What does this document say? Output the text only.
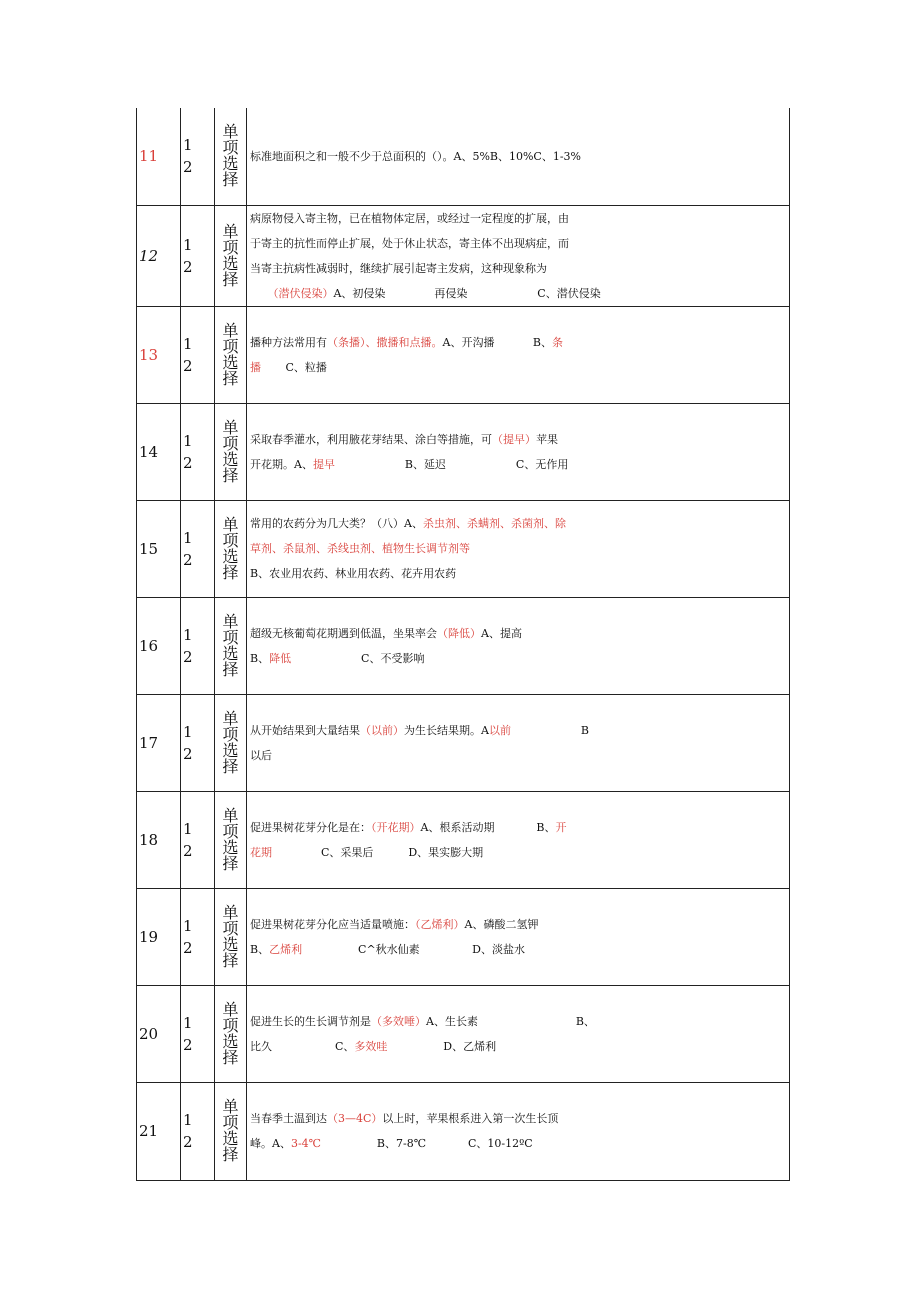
11	1
2	单
项
选
择	标准地面积之和一般不少于总面积的（）。A、5%B、10%C、1-3%

12	1
2	单
项
选
择	病原物侵入寄主物，已在植物体定居，或经过一定程度的扩展，由
于寄主的抗性而停止扩展，处于休止状态，寄主体不出现病症，而
当寄主抗病性减弱时，继续扩展引起寄主发病，这种现象称为
（潜伏侵染）A、初侵染              再侵染                    C、潜伏侵染

13	1
2	单
项
选
择	播种方法常用有（条播）、撒播和点播。A、开沟播           B、条
播       C、粒播

14	1
2	单
项
选
择	采取春季灌水，利用腋花芽结果、涂白等措施，可（提早）苹果
开花期。A、提早                    B、延迟                    C、无作用

15	1
2	单
项
选
择	常用的农药分为几大类？（八）A、杀虫剂、杀螨剂、杀菌剂、除
草剂、杀鼠剂、杀线虫剂、植物生长调节剂等
B、农业用农药、林业用农药、花卉用农药

16	1
2	单
项
选
择	超级无核葡萄花期遇到低温，坐果率会（降低）A、提高
B、降低                    C、不受影响

17	1
2	单
项
选
择	从开始结果到大量结果（以前）为生长结果期。A以前                    B
以后

18	1
2	单
项
选
择	促进果树花芽分化是在：（开花期）A、根系活动期            B、开
花期              C、采果后          D、果实膨大期

19	1
2	单
项
选
择	促进果树花芽分化应当适量喷施：（乙烯利）A、磷酸二氢钾
B、乙烯利                C^秋水仙素               D、淡盐水

20	1
2	单
项
选
择	促进生长的生长调节剂是（多效唾）A、生长素                            B、
比久                  C、多效哇                D、乙烯利

21	1
2	单
项
选
择	当春季土温到达（3—4C）以上时，苹果根系进入第一次生长顶
峰。A、3-4℃                B、7-8℃            C、10-12ºC
